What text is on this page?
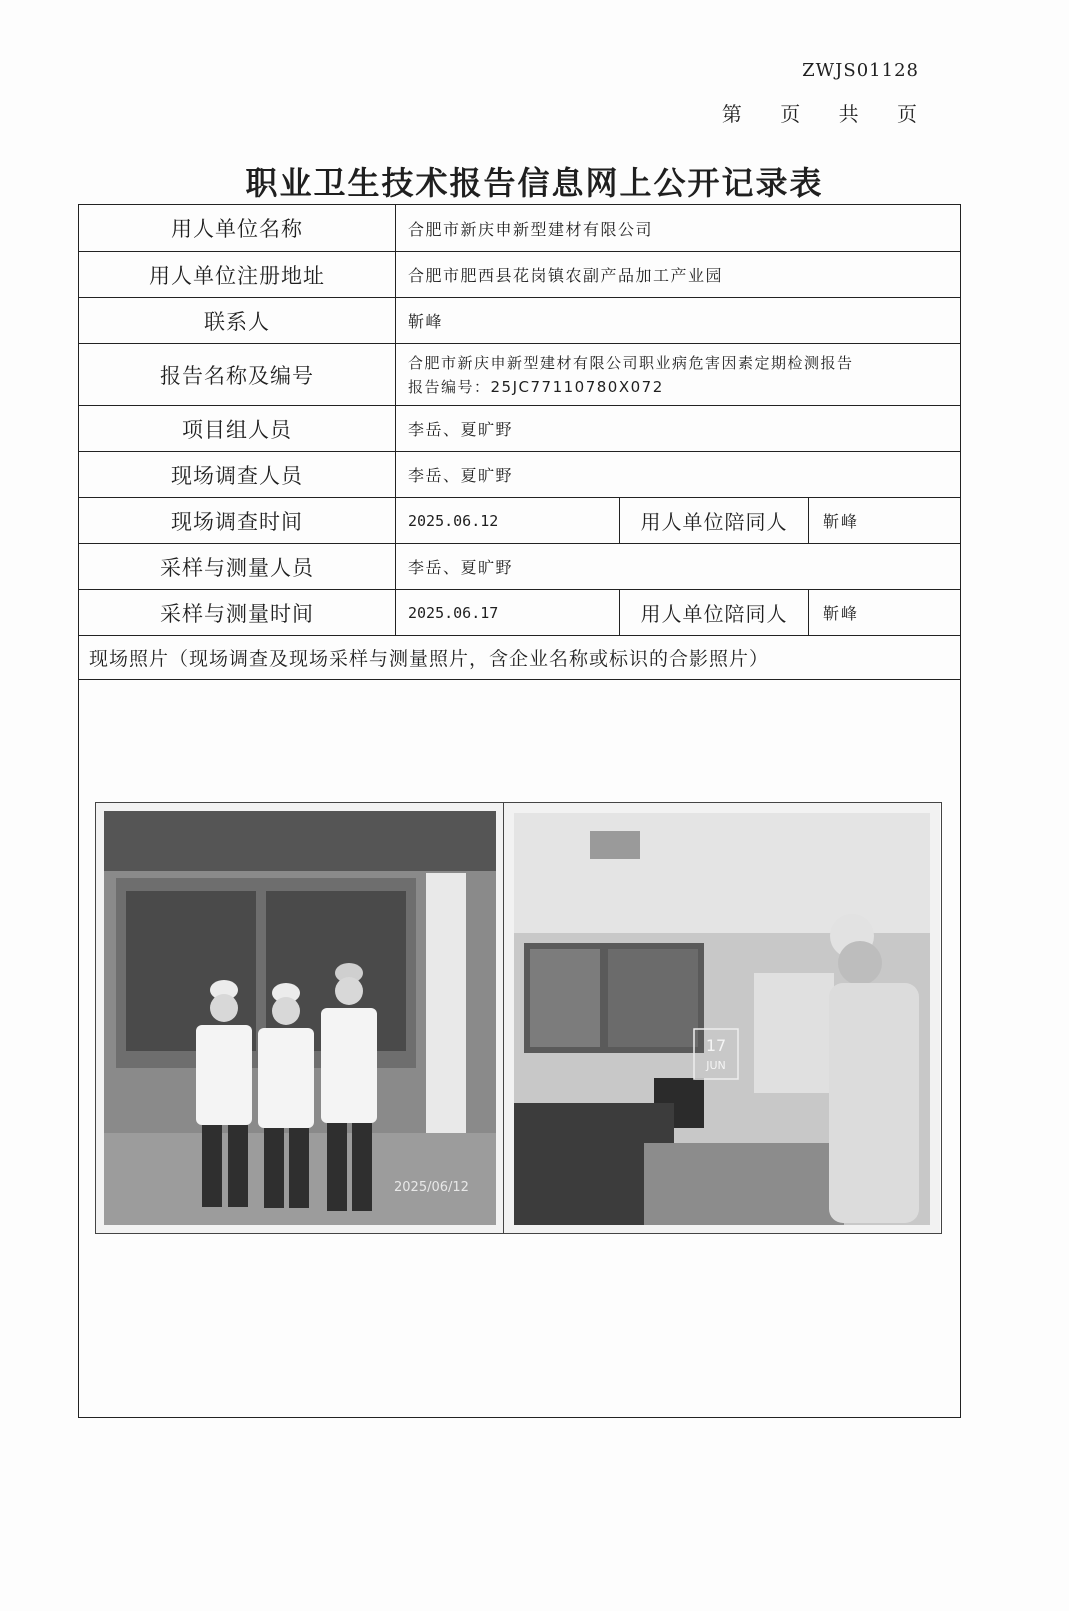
ZWJS01128
第 页 共 页
职业卫生技术报告信息网上公开记录表
用人单位名称	合肥市新庆申新型建材有限公司
用人单位注册地址	合肥市肥西县花岗镇农副产品加工产业园
联系人	靳峰
报告名称及编号
合肥市新庆申新型建材有限公司职业病危害因素定期检测报告
报告编号：25JC77110780X072
项目组人员	李岳、夏旷野
现场调查人员	李岳、夏旷野
现场调查时间	2025.06.12	用人单位陪同人	靳峰
采样与测量人员	李岳、夏旷野
采样与测量时间	2025.06.17	用人单位陪同人	靳峰
现场照片（现场调查及现场采样与测量照片，含企业名称或标识的合影照片）
2025/06/12
17
JUN
